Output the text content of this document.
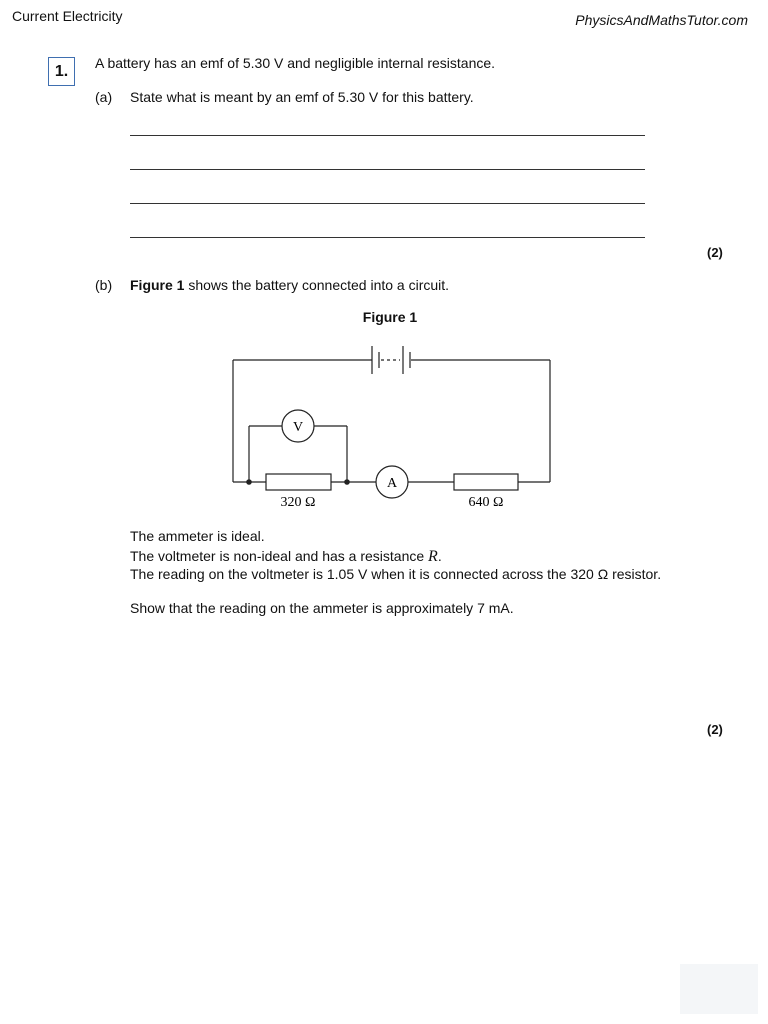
Current Electricity	PhysicsAndMathsTutor.com
1.	A battery has an emf of 5.30 V and negligible internal resistance.
(a) State what is meant by an emf of 5.30 V for this battery.
(2)
(b) Figure 1 shows the battery connected into a circuit.
Figure 1
V
A
320 Ω	640 Ω
The ammeter is ideal.
The voltmeter is non-ideal and has a resistance R.
The reading on the voltmeter is 1.05 V when it is connected across the 320 Ω resistor.
Show that the reading on the ammeter is approximately 7 mA.
(2)
